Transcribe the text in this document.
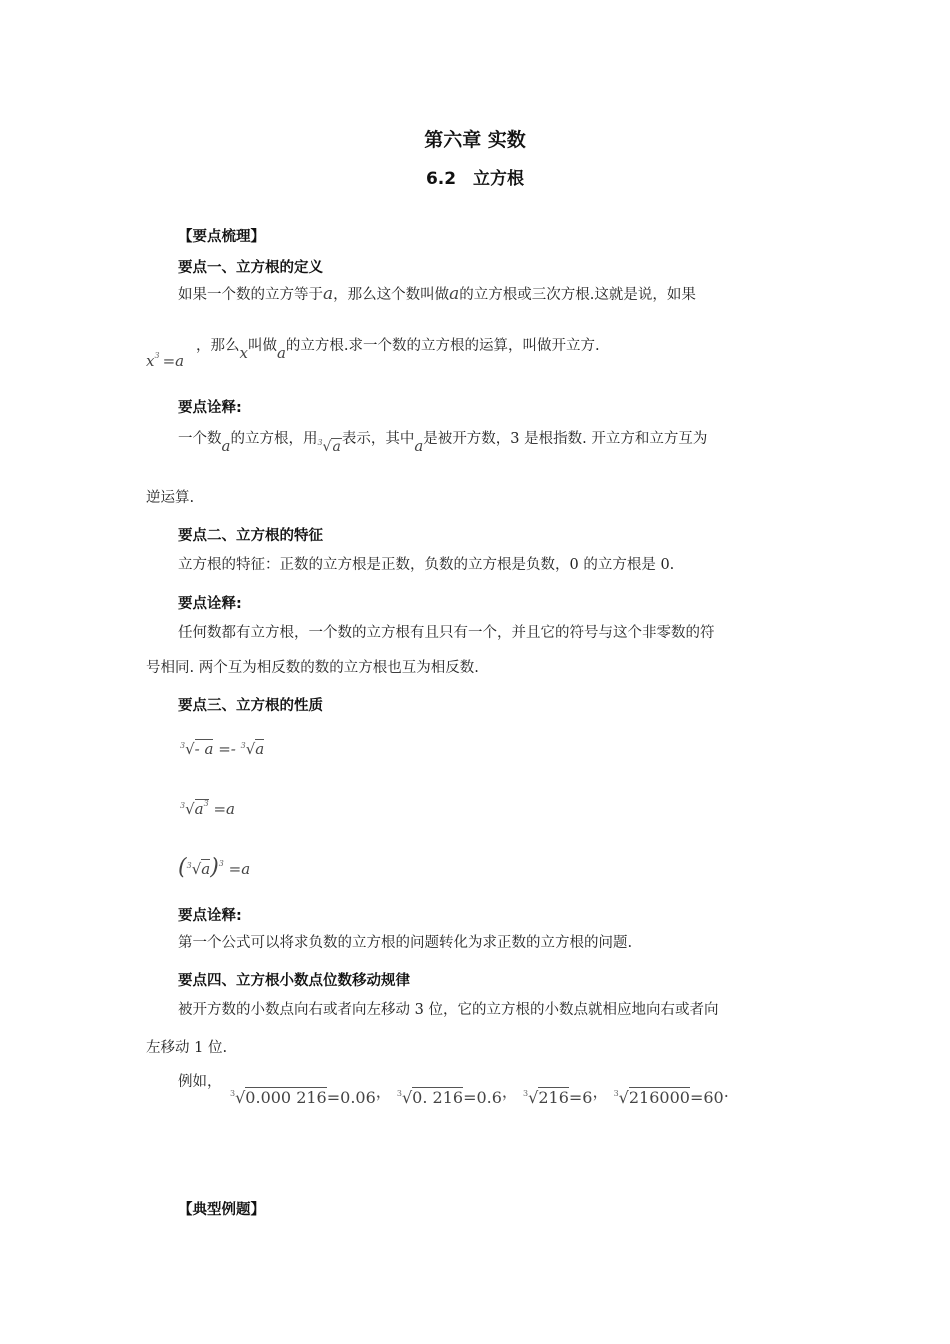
第六章 实数
6.2　立方根
【要点梳理】
要点一、立方根的定义
如果一个数的立方等于a，那么这个数叫做a的立方根或三次方根.这就是说，如果
$x^3 =a$
，那么x叫做a的立方根.求一个数的立方根的运算，叫做开立方.
要点诠释:
一个数a的立方根，用$^3$√a表示，其中a是被开方数，3 是根指数. 开立方和立方互为
逆运算.
要点二、立方根的特征
立方根的特征：正数的立方根是正数，负数的立方根是负数，0 的立方根是 0.
要点诠释:
任何数都有立方根，一个数的立方根有且只有一个，并且它的符号与这个非零数的符
号相同. 两个互为相反数的数的立方根也互为相反数.
要点三、立方根的性质
$^3$√- a =- $^3$√a
$^3√a^3 =a$
$(^3√a)^3 =a$
要点诠释:
第一个公式可以将求负数的立方根的问题转化为求正数的立方根的问题.
要点四、立方根小数点位数移动规律
被开方数的小数点向右或者向左移动 3 位，它的立方根的小数点就相应地向右或者向
左移动 1 位.
例如，
$^3$√0.000 216=0.06， $^3$√0. 216=0.6， $^3$√216=6， $^3$√216000=60.
【典型例题】
